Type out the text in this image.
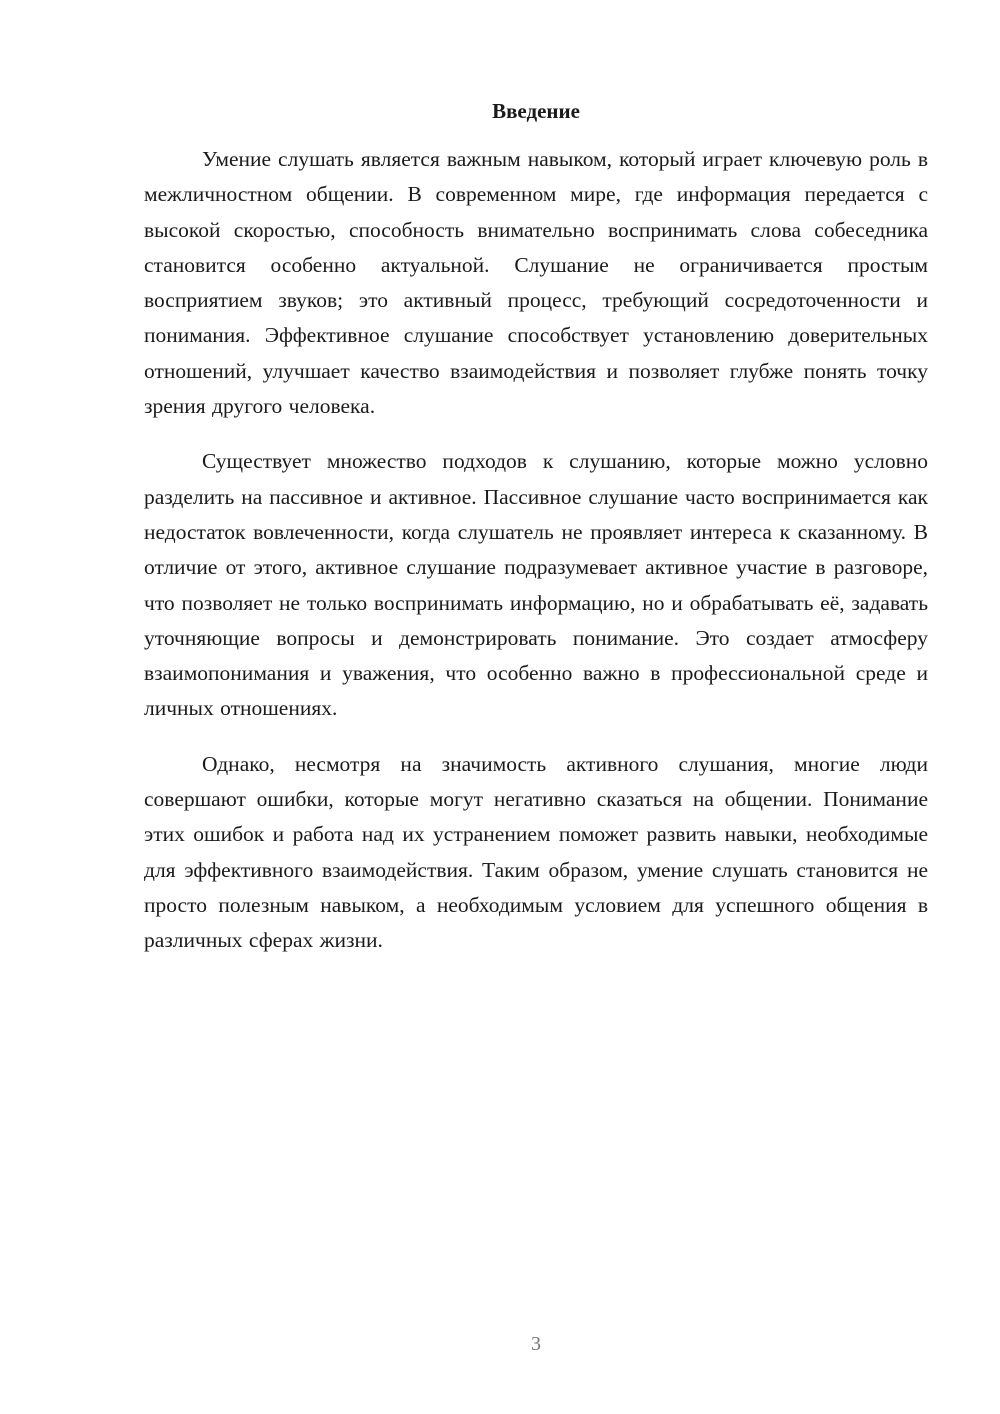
Введение

Умение слушать является важным навыком, который играет ключевую роль в межличностном общении. В современном мире, где информация передается с высокой скоростью, способность внимательно воспринимать слова собеседника становится особенно актуальной. Слушание не ограничивается простым восприятием звуков; это активный процесс, требующий сосредоточенности и понимания. Эффективное слушание способствует установлению доверительных отношений, улучшает качество взаимодействия и позволяет глубже понять точку зрения другого человека.

Существует множество подходов к слушанию, которые можно условно разделить на пассивное и активное. Пассивное слушание часто воспринимается как недостаток вовлеченности, когда слушатель не проявляет интереса к сказанному. В отличие от этого, активное слушание подразумевает активное участие в разговоре, что позволяет не только воспринимать информацию, но и обрабатывать её, задавать уточняющие вопросы и демонстрировать понимание. Это создает атмосферу взаимопонимания и уважения, что особенно важно в профессиональной среде и личных отношениях.

Однако, несмотря на значимость активного слушания, многие люди совершают ошибки, которые могут негативно сказаться на общении. Понимание этих ошибок и работа над их устранением поможет развить навыки, необходимые для эффективного взаимодействия. Таким образом, умение слушать становится не просто полезным навыком, а необходимым условием для успешного общения в различных сферах жизни.

3
